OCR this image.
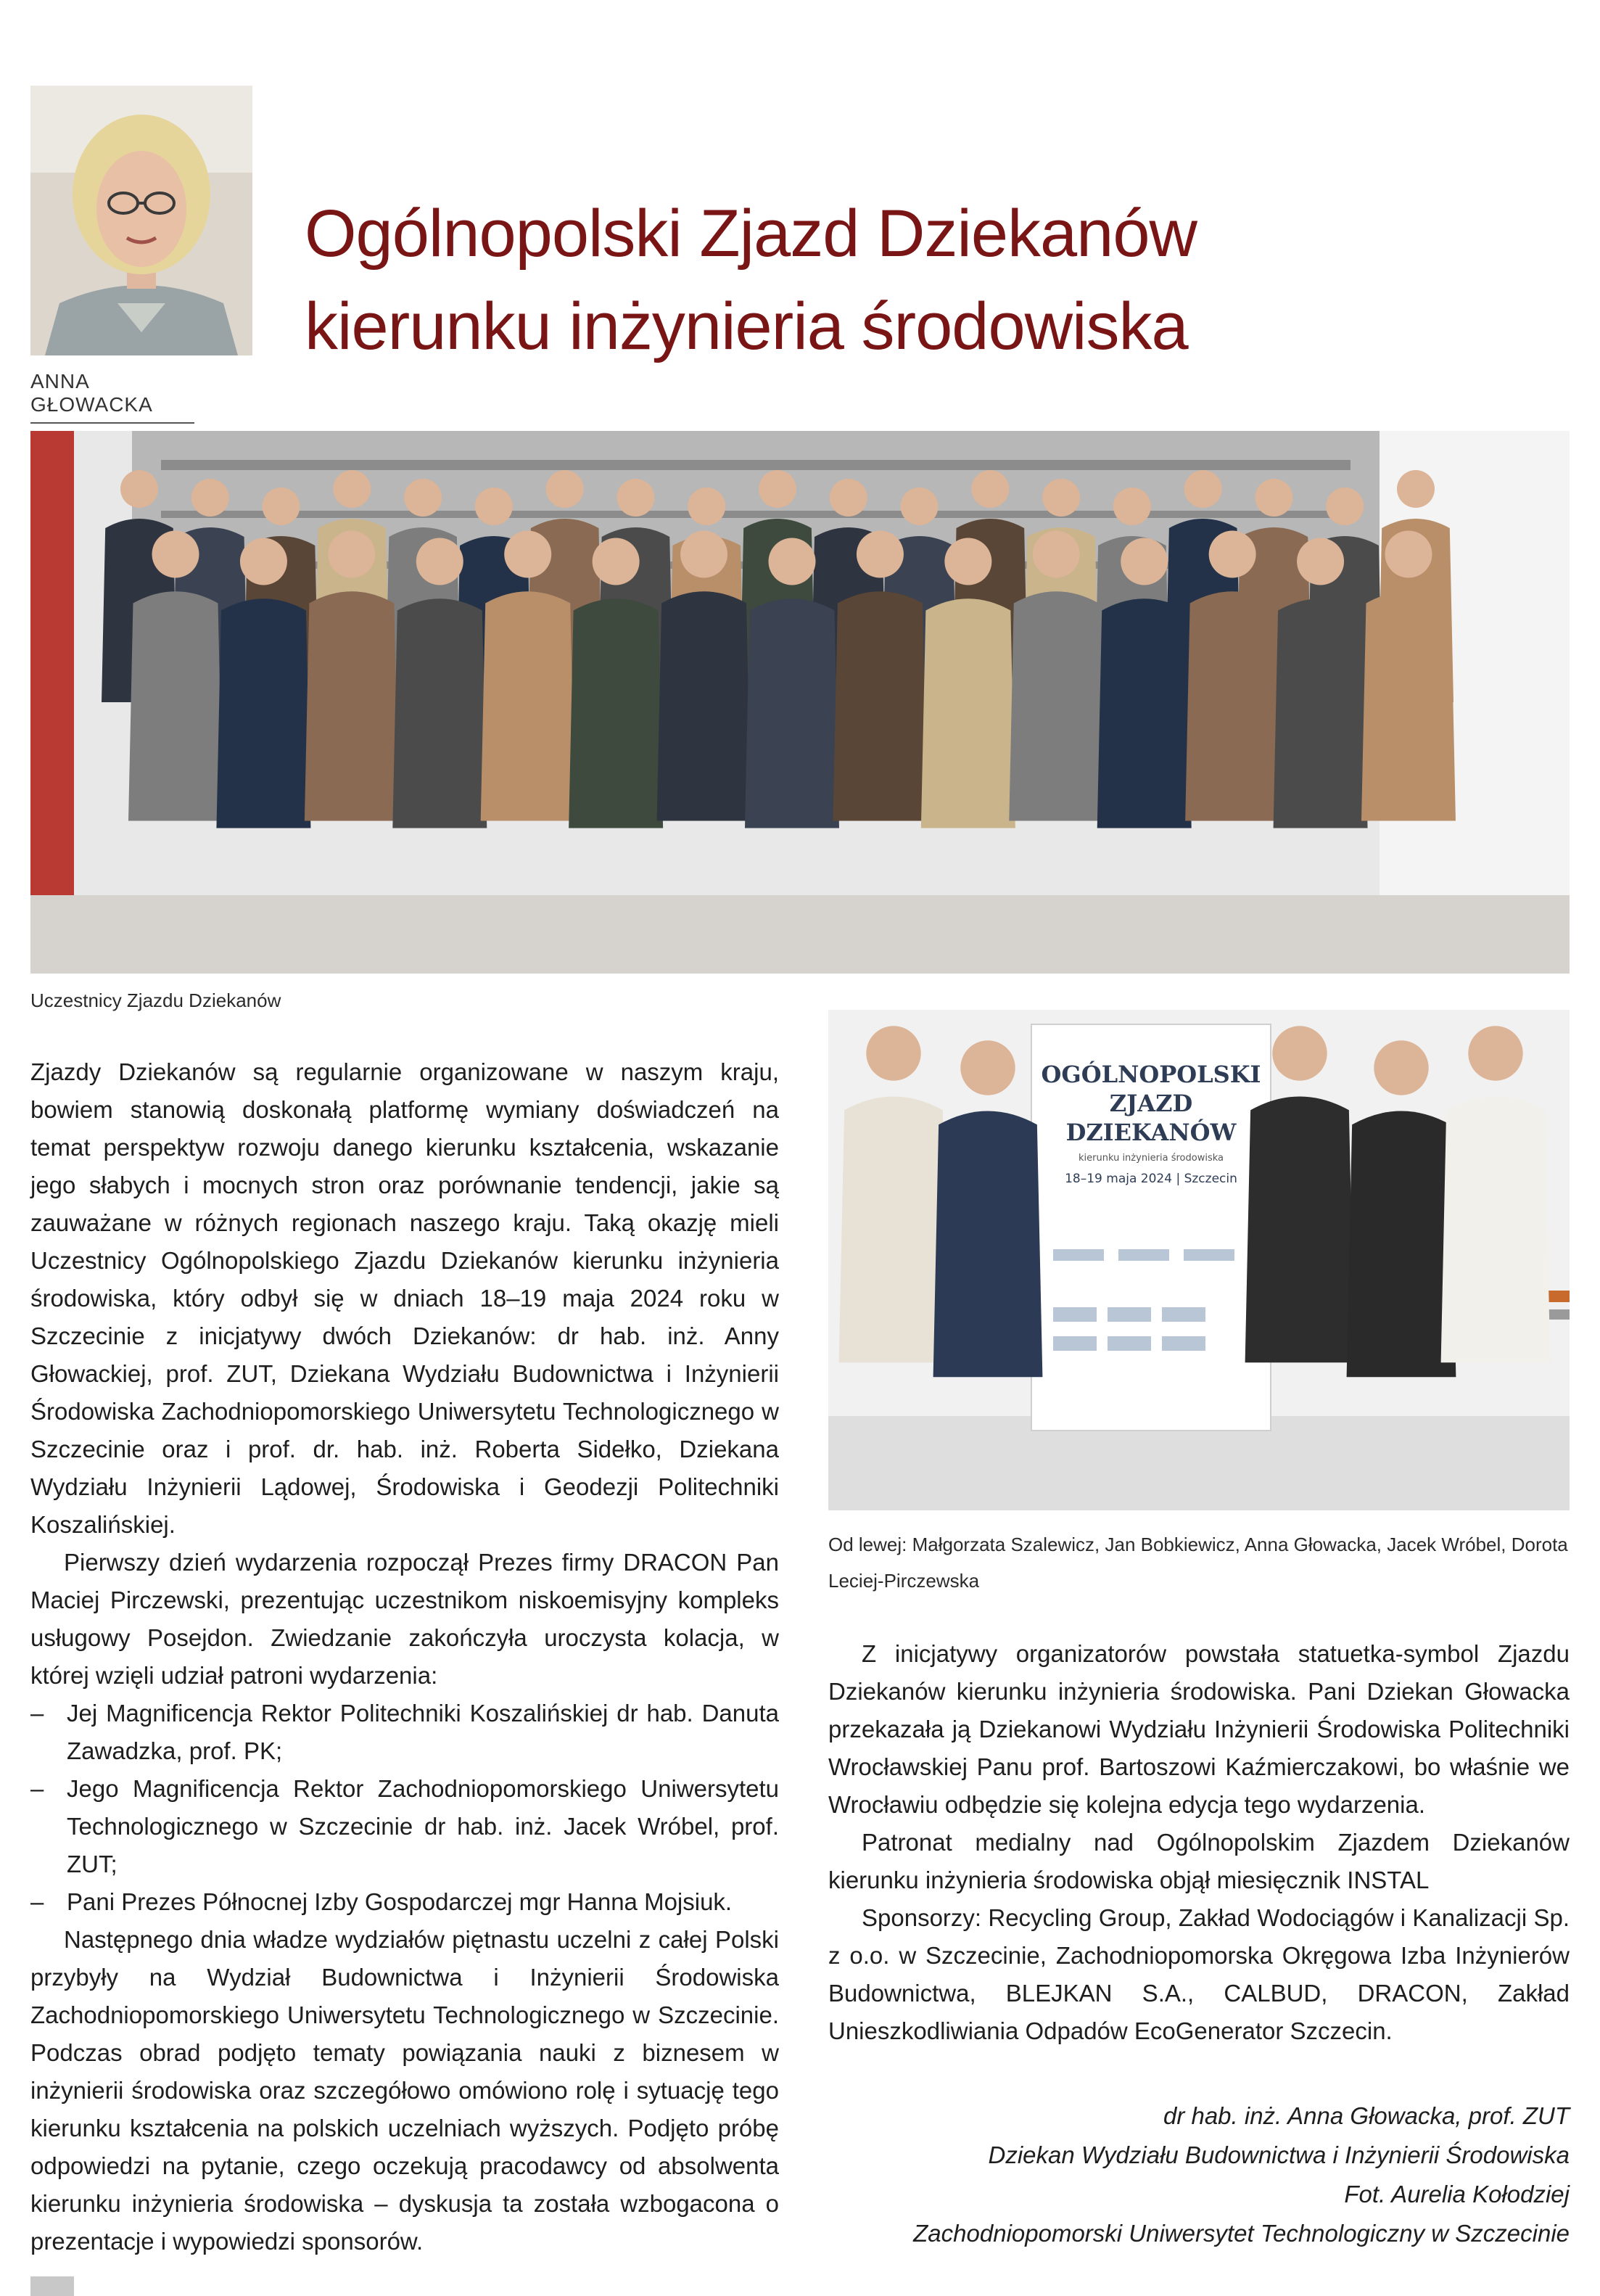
ANNA GŁOWACKA
Ogólnopolski Zjazd Dziekanów
kierunku inżynieria środowiska
Uczestnicy Zjazdu Dziekanów
OGÓLNOPOLSKI
ZJAZD
DZIEKANÓW
kierunku inżynieria środowiska
18–19 maja 2024 | Szczecin
Od lewej: Małgorzata Szalewicz, Jan Bobkiewicz, Anna Głowacka, Jacek Wróbel, Dorota Leciej-Pirczewska

Zjazdy Dziekanów są regularnie organizowane w naszym kraju, bowiem stanowią doskonałą platformę wymiany doświadczeń na temat perspektyw rozwoju danego kierunku kształcenia, wskazanie jego słabych i mocnych stron oraz porównanie tendencji, jakie są zauważane w różnych regionach naszego kraju. Taką okazję mieli Uczestnicy Ogólnopolskiego Zjazdu Dziekanów kierunku inżynieria środowiska, który odbył się w dniach 18–19 maja 2024 roku w Szczecinie z inicjatywy dwóch Dziekanów: dr hab. inż. Anny Głowackiej, prof. ZUT, Dziekana Wydziału Budownictwa i Inżynierii Środowiska Zachodniopomorskiego Uniwersytetu Technologicznego w Szczecinie oraz i prof. dr. hab. inż. Roberta Sidełko, Dziekana Wydziału Inżynierii Lądowej, Środowiska i Geodezji Politechniki Koszalińskiej.

Pierwszy dzień wydarzenia rozpoczął Prezes firmy DRACON Pan Maciej Pirczewski, prezentując uczestnikom niskoemisyjny kompleks usługowy Posejdon. Zwiedzanie zakończyła uroczysta kolacja, w której wzięli udział patroni wydarzenia:

– Jej Magnificencja Rektor Politechniki Koszalińskiej dr hab. Danuta Zawadzka, prof. PK;
– Jego Magnificencja Rektor Zachodniopomorskiego Uniwersytetu Technologicznego w Szczecinie dr hab. inż. Jacek Wróbel, prof. ZUT;
– Pani Prezes Północnej Izby Gospodarczej mgr Hanna Mojsiuk.

Następnego dnia władze wydziałów piętnastu uczelni z całej Polski przybyły na Wydział Budownictwa i Inżynierii Środowiska Zachodniopomorskiego Uniwersytetu Technologicznego w Szczecinie. Podczas obrad podjęto tematy powiązania nauki z biznesem w inżynierii środowiska oraz szczegółowo omówiono rolę i sytuację tego kierunku kształcenia na polskich uczelniach wyższych. Podjęto próbę odpowiedzi na pytanie, czego oczekują pracodawcy od absolwenta kierunku inżynieria środowiska – dyskusja ta została wzbogacona o prezentacje i wypowiedzi sponsorów.

Z inicjatywy organizatorów powstała statuetka-symbol Zjazdu Dziekanów kierunku inżynieria środowiska. Pani Dziekan Głowacka przekazała ją Dziekanowi Wydziału Inżynierii Środowiska Politechniki Wrocławskiej Panu prof. Bartoszowi Kaźmierczakowi, bo właśnie we Wrocławiu odbędzie się kolejna edycja tego wydarzenia.

Patronat medialny nad Ogólnopolskim Zjazdem Dziekanów kierunku inżynieria środowiska objął miesięcznik INSTAL

Sponsorzy: Recycling Group, Zakład Wodociągów i Kanalizacji Sp. z o.o. w Szczecinie, Zachodniopomorska Okręgowa Izba Inżynierów Budownictwa, BLEJKAN S.A., CALBUD, DRACON, Zakład Unieszkodliwiania Odpadów EcoGenerator Szczecin.

dr hab. inż. Anna Głowacka, prof. ZUT
Dziekan Wydziału Budownictwa i Inżynierii Środowiska
Fot. Aurelia Kołodziej
Zachodniopomorski Uniwersytet Technologiczny w Szczecinie
